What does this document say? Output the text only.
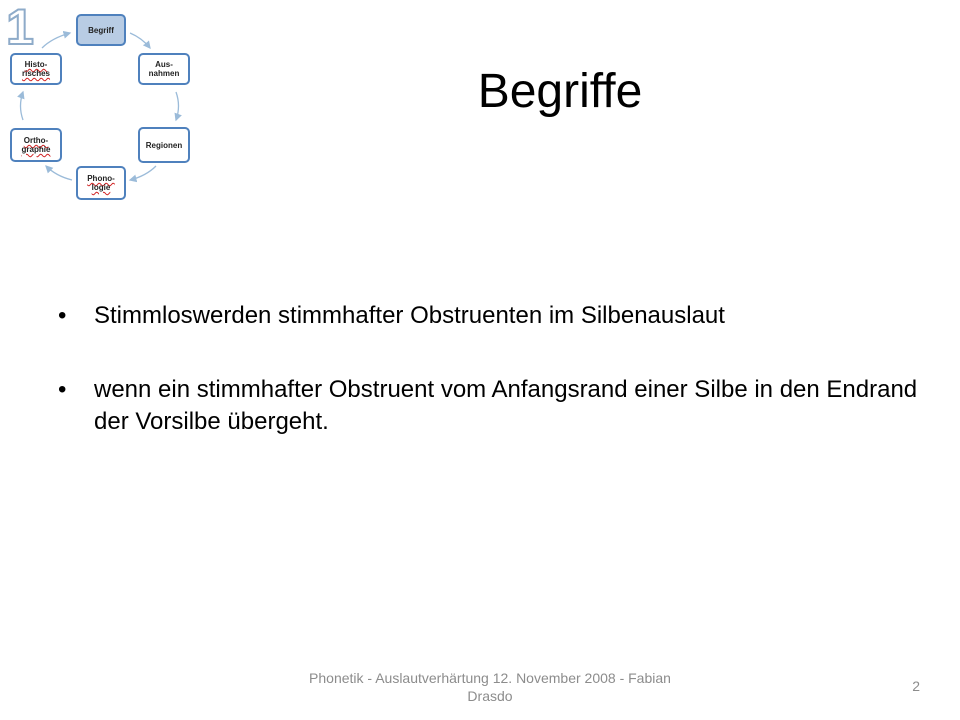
Begriff
Aus-
nahmen
Regionen
Phono-
logie
Ortho-
graphie
Histo-
risches
1
Begriffe
•	Stimmloswerden stimmhafter Obstruenten im Silbenauslaut
•	wenn ein stimmhafter Obstruent vom Anfangsrand einer Silbe in den Endrand der Vorsilbe übergeht.
Phonetik - Auslautverhärtung 12. November 2008 - Fabian Drasdo
2
